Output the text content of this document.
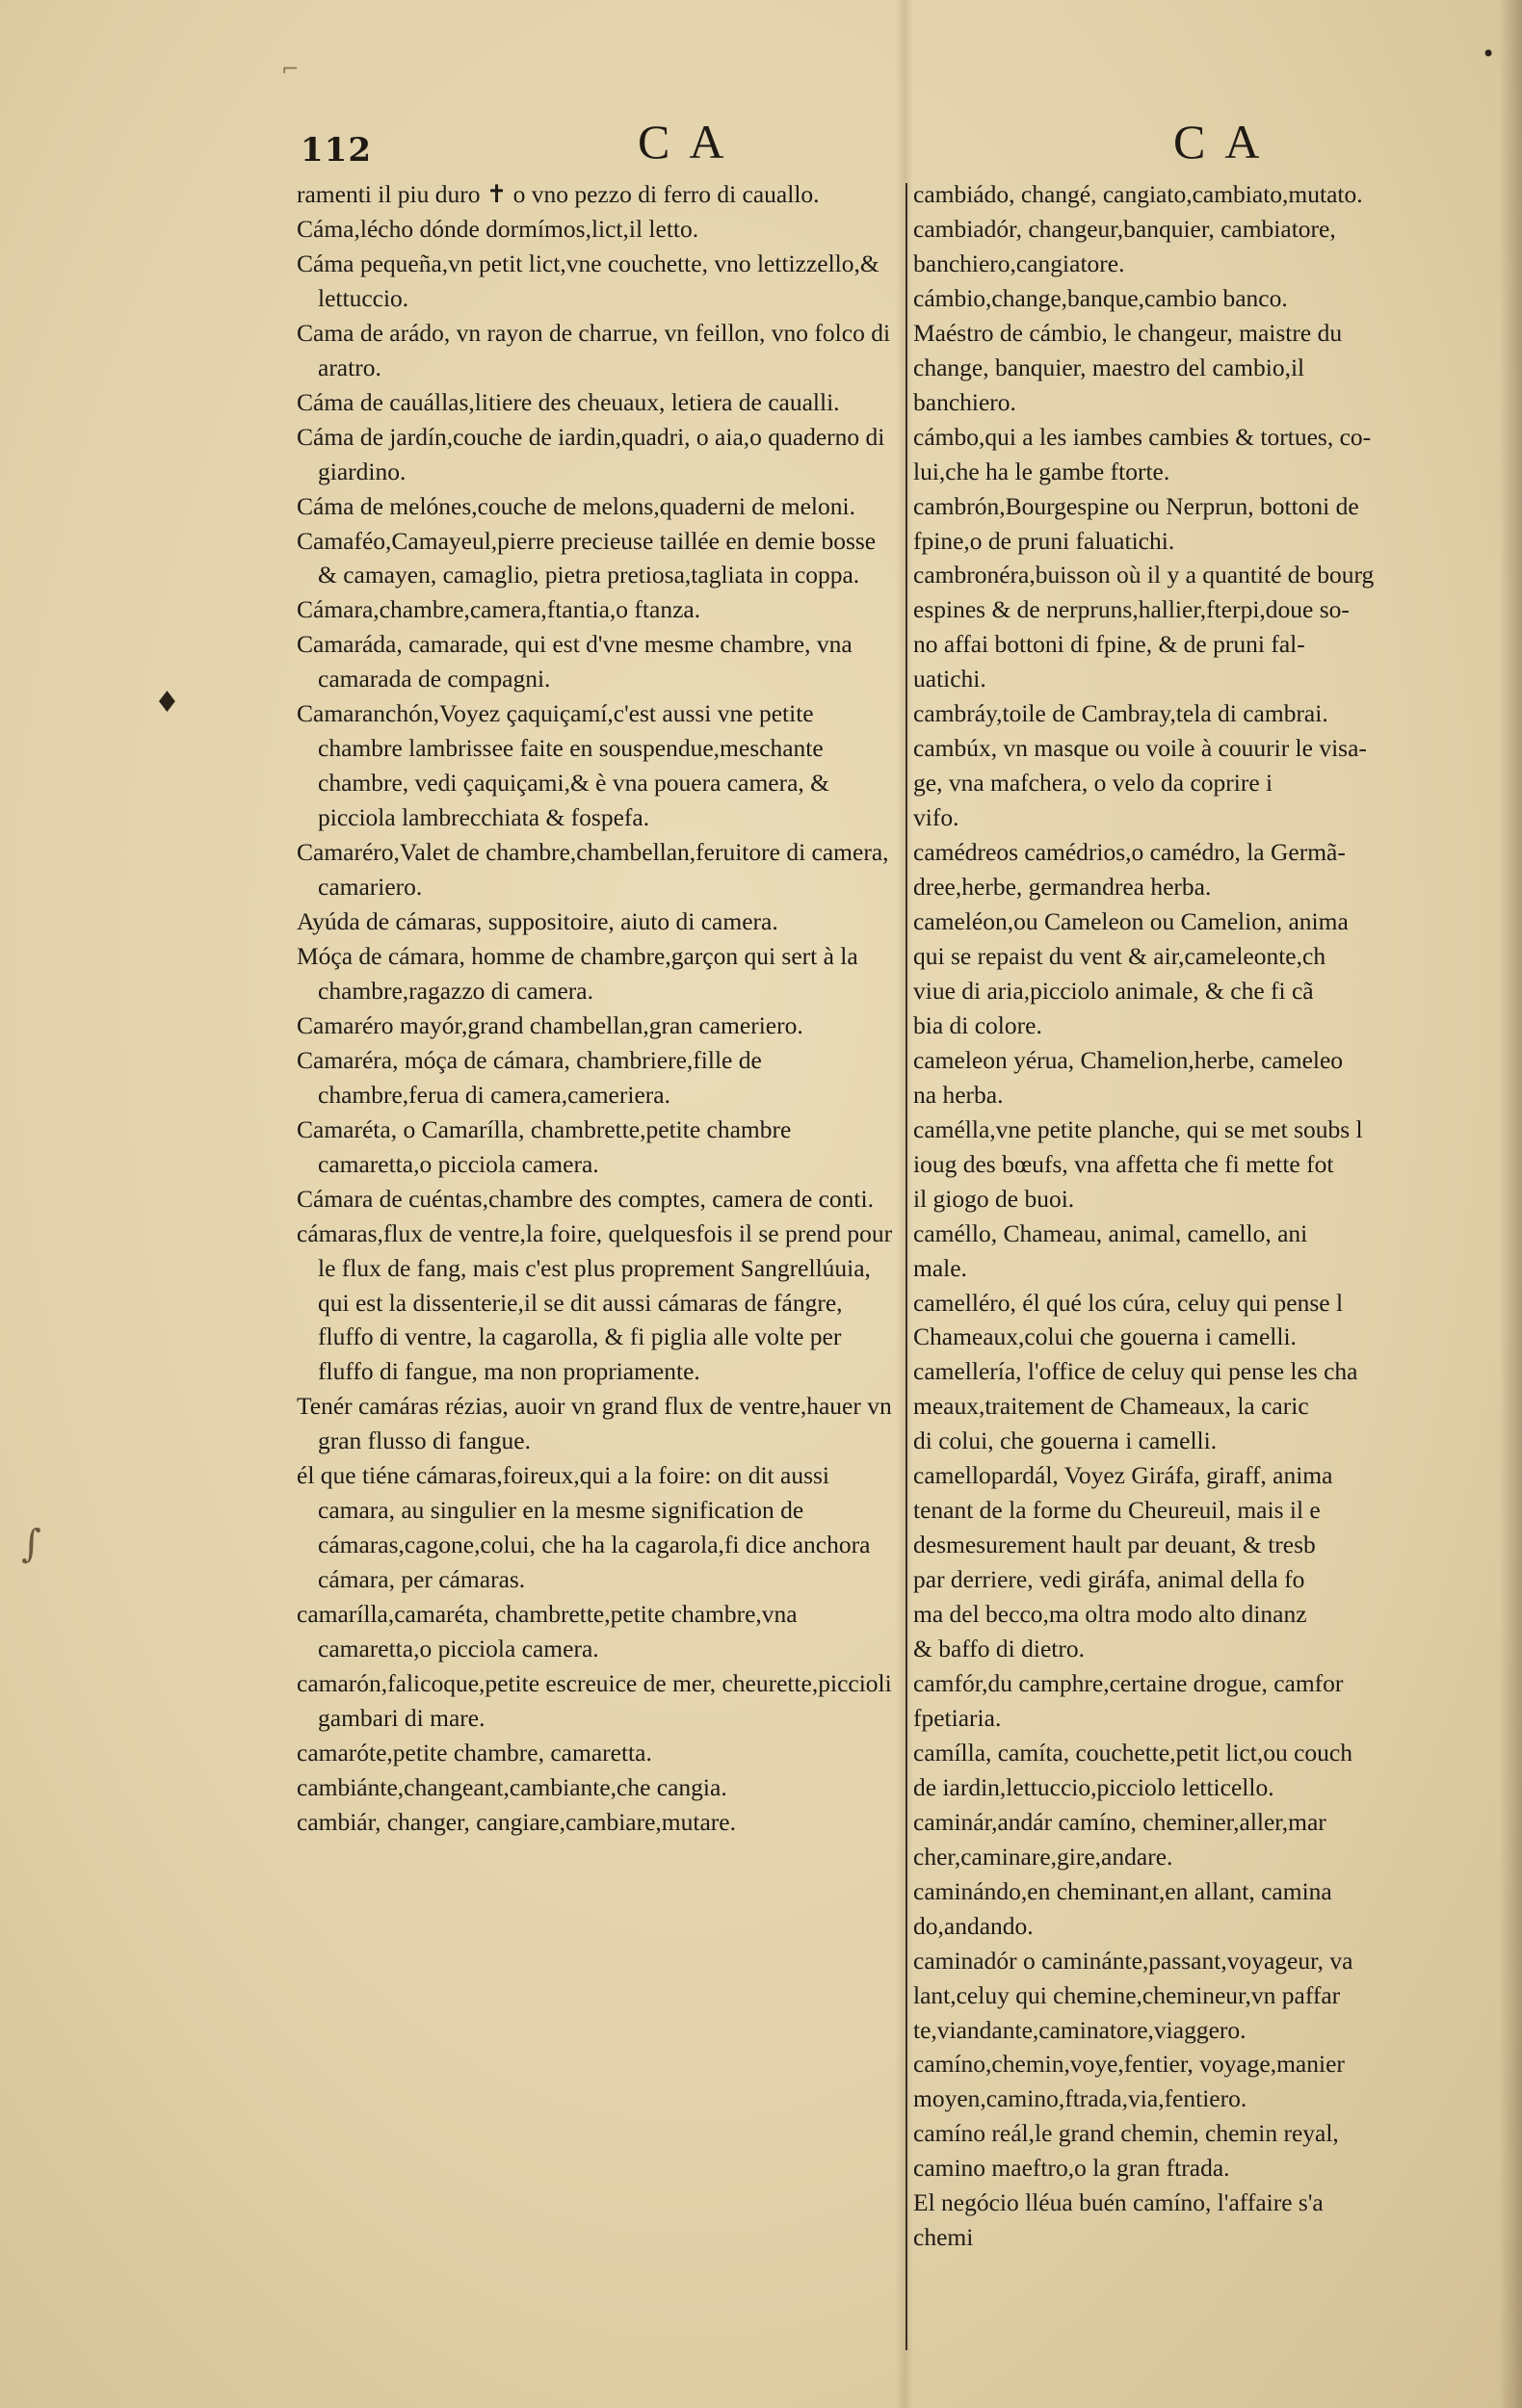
♦
∫
•
⌐
112	CA	CA

ramenti il piu duro ✝ o vno pezzo di ferro di cauallo.

Cáma,lécho dónde dormímos,lict,il letto.

Cáma pequeña,vn petit lict,vne couchette, vno lettizzello,& lettuccio.

Cama de arádo, vn rayon de charrue, vn feillon, vno folco di aratro.

Cáma de cauállas,litiere des cheuaux, letiera de caualli.

Cáma de jardín,couche de iardin,quadri, o aia,o quaderno di giardino.

Cáma de melónes,couche de melons,quaderni de meloni.

Camaféo,Camayeul,pierre precieuse taillée en demie bosse & camayen, camaglio, pietra pretiosa,tagliata in coppa.

Cámara,chambre,camera,ftantia,o ftanza.

Camaráda, camarade, qui est d'vne mesme chambre, vna camarada de compagni.

Camaranchón,Voyez çaquiçamí,c'est aussi vne petite chambre lambrissee faite en souspendue,meschante chambre, vedi çaquiçami,& è vna pouera camera, & picciola lambrecchiata & fospefa.

Camaréro,Valet de chambre,chambellan,feruitore di camera, camariero.

Ayúda de cámaras, suppositoire, aiuto di camera.

Móça de cámara, homme de chambre,garçon qui sert à la chambre,ragazzo di camera.

Camaréro mayór,grand chambellan,gran cameriero.

Camaréra, móça de cámara, chambriere,fille de chambre,ferua di camera,cameriera.

Camaréta, o Camarílla, chambrette,petite chambre camaretta,o picciola camera.

Cámara de cuéntas,chambre des comptes, camera de conti.

cámaras,flux de ventre,la foire, quelquesfois il se prend pour le flux de fang, mais c'est plus proprement Sangrellúuia, qui est la dissenterie,il se dit aussi cámaras de fángre, fluffo di ventre, la cagarolla, & fi piglia alle volte per fluffo di fangue, ma non propriamente.

Tenér camáras rézias, auoir vn grand flux de ventre,hauer vn gran flusso di fangue.

él que tiéne cámaras,foireux,qui a la foire: on dit aussi camara, au singulier en la mesme signification de cámaras,cagone,colui, che ha la cagarola,fi dice anchora cámara, per cámaras.

camarílla,camaréta, chambrette,petite chambre,vna camaretta,o picciola camera.

camarón,falicoque,petite escreuice de mer, cheurette,piccioli gambari di mare.

camaróte,petite chambre, camaretta.

cambiánte,changeant,cambiante,che cangia.

cambiár, changer, cangiare,cambiare,mutare.

cambiádo, changé, cangiato,cambiato,mutato.

cambiadór, changeur,banquier, cambiatore,

banchiero,cangiatore.

cámbio,change,banque,cambio banco.

Maéstro de cámbio, le changeur, maistre du

change, banquier, maestro del cambio,il

banchiero.

cámbo,qui a les iambes cambies & tortues, co-

lui,che ha le gambe ftorte.

cambrón,Bourgespine ou Nerprun, bottoni de

fpine,o de pruni faluatichi.

cambronéra,buisson où il y a quantité de bourg

espines & de nerpruns,hallier,fterpi,doue so-

no affai bottoni di fpine, & de pruni fal-

uatichi.

cambráy,toile de Cambray,tela di cambrai.

cambúx, vn masque ou voile à couurir le visa-

ge, vna mafchera, o velo da coprire i

vifo.

camédreos camédrios,o camédro, la Germã-

dree,herbe, germandrea herba.

cameléon,ou Cameleon ou Camelion, anima

qui se repaist du vent & air,cameleonte,ch

viue di aria,picciolo animale, & che fi cã

bia di colore.

cameleon yérua, Chamelion,herbe, cameleo

na herba.

caméllа,vne petite planche, qui se met soubs l

ioug des bœufs, vna affetta che fi mette fot

il giogo de buoi.

caméllo, Chameau, animal, camello, ani

male.

camelléro, él qué los cúra, celuy qui pense l

Chameaux,colui che gouerna i camelli.

camellería, l'office de celuy qui pense les cha

meaux,traitement de Chameaux, la caric

di colui, che gouerna i camelli.

camellopardál, Voyez Giráfa, giraff, anima

tenant de la forme du Cheureuil, mais il e

desmesurement hault par deuant, & tresb

par derriere, vedi giráfa, animal della fo

ma del becco,ma oltra modo alto dinanz

& baffo di dietro.

camfór,du camphre,certaine drogue, camfor

fpetiaria.

camílla, camíta, couchette,petit lict,ou couch

de iardin,lettuccio,picciolo letticello.

caminár,andár camíno, cheminer,aller,mar

cher,caminare,gire,andare.

caminándo,en cheminant,en allant, camina

do,andando.

caminadór o caminánte,passant,voyageur, va

lant,celuy qui chemine,chemineur,vn paffar

te,viandante,caminatore,viaggero.

camíno,chemin,voye,fentier, voyage,manier

moyen,camino,ftrada,via,fentiero.

camíno reál,le grand chemin, chemin reyal,

camino maeftro,o la gran ftrada.

El negócio lléua buén camíno, l'affaire s'a

chemi
